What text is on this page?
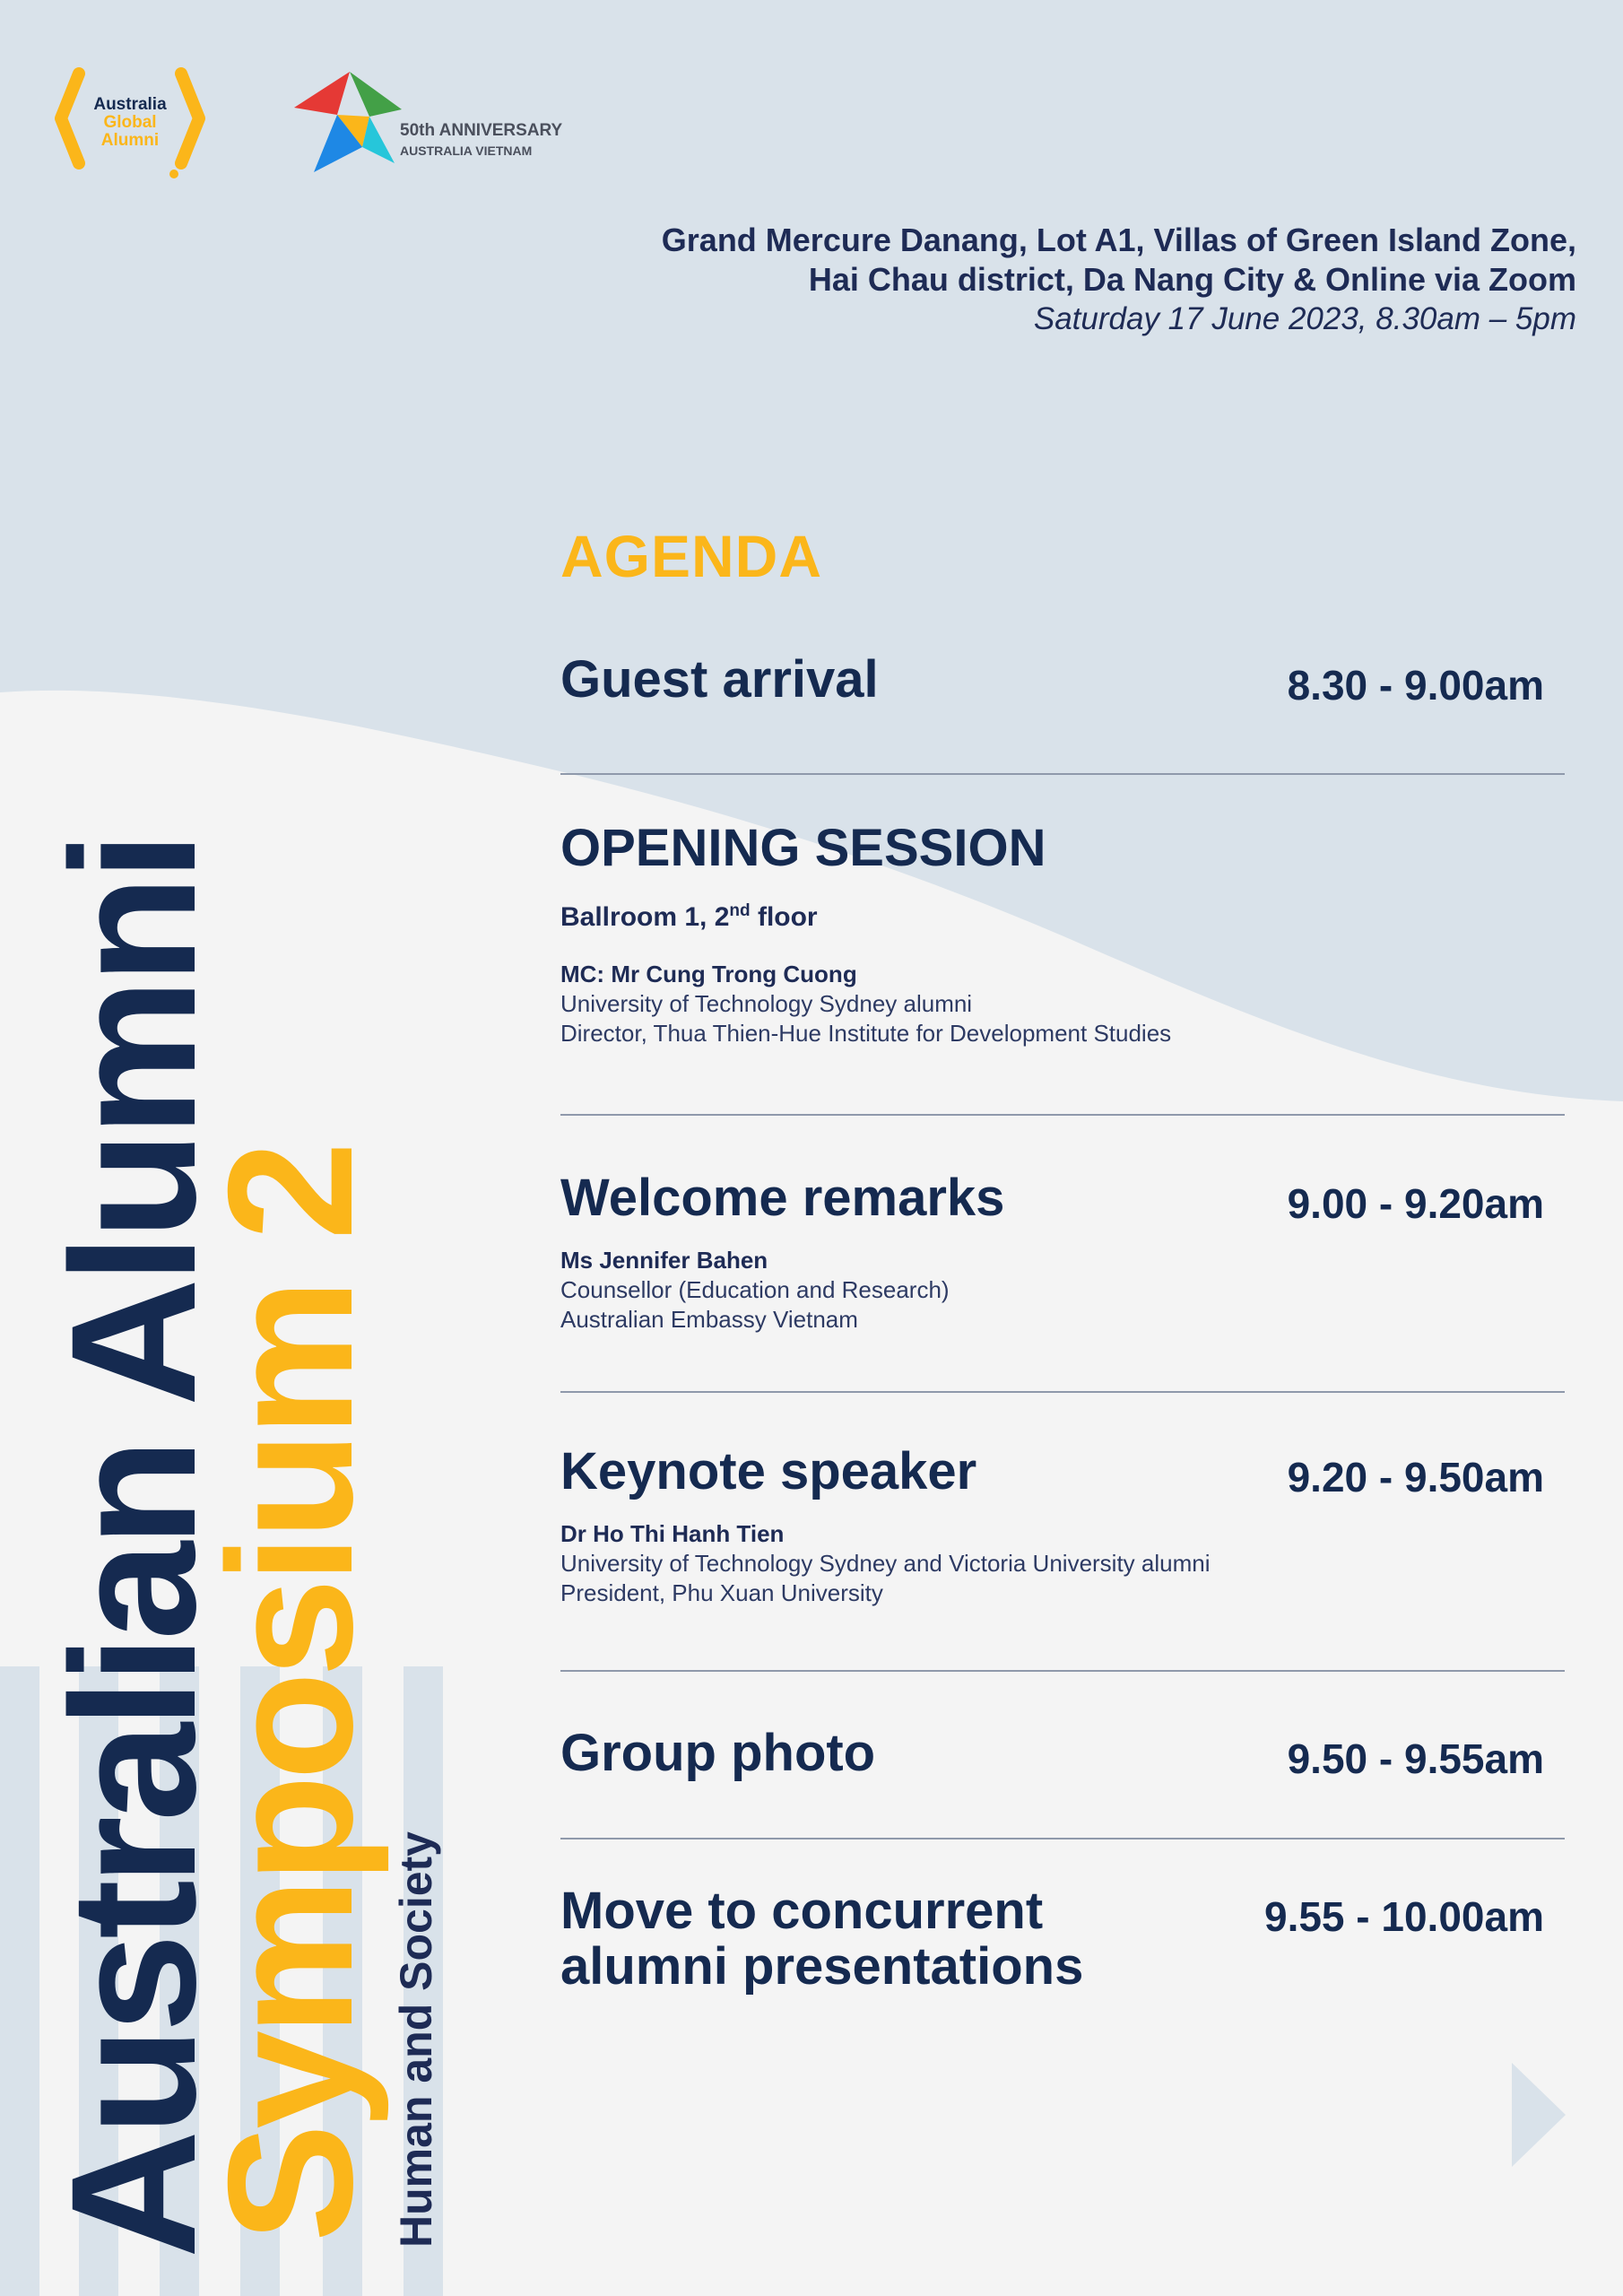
Australia
Global
Alumni
50th ANNIVERSARY
AUSTRALIA VIETNAM
Grand Mercure Danang, Lot A1, Villas of Green Island Zone,
Hai Chau district, Da Nang City & Online via Zoom
Saturday 17 June 2023, 8.30am – 5pm
AGENDA
Guest arrival	8.30 - 9.00am
OPENING SESSION
Ballroom 1, 2nd floor
MC: Mr Cung Trong Cuong
University of Technology Sydney alumni
Director, Thua Thien-Hue Institute for Development Studies
Welcome remarks	9.00 - 9.20am
Ms Jennifer Bahen
Counsellor (Education and Research)
Australian Embassy Vietnam
Keynote speaker	9.20 - 9.50am
Dr Ho Thi Hanh Tien
University of Technology Sydney and Victoria University alumni
President, Phu Xuan University
Group photo	9.50 - 9.55am
Move to concurrent
alumni presentations
9.55 - 10.00am
Australian Alumni
Symposium 2 Human and Society
